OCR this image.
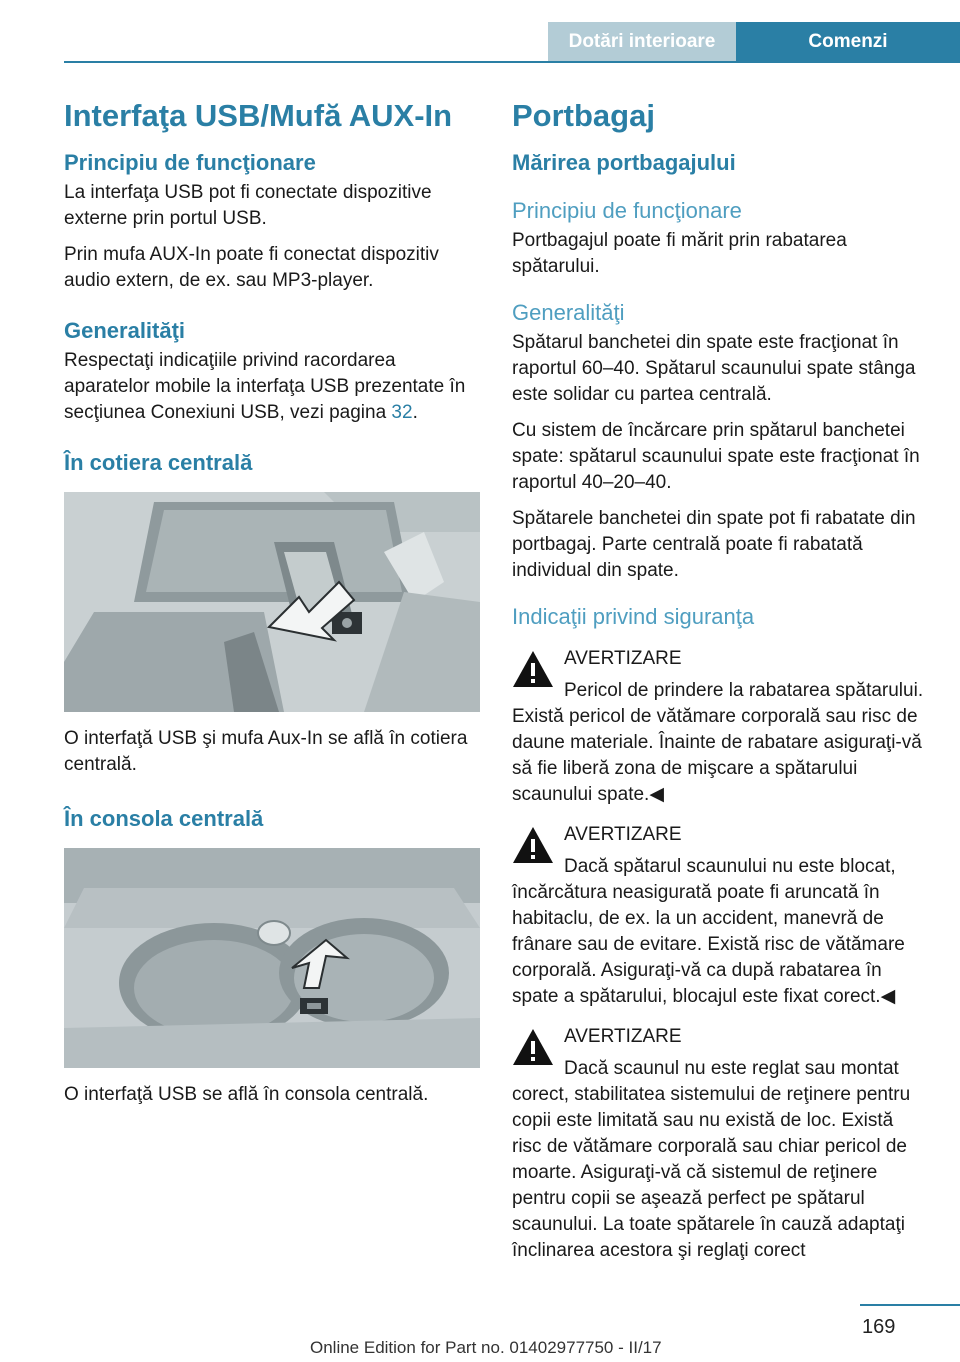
Dotări interioare	Comenzi
Interfaţa USB/Mufă AUX-In
Principiu de funcţionare

La interfaţa USB pot fi conectate dispozitive externe prin portul USB.

Prin mufa AUX-In poate fi conectat dispozitiv audio extern, de ex. sau MP3-player.

Generalităţi

Respectaţi indicaţiile privind racordarea aparatelor mobile la interfaţa USB prezentate în secţiunea Conexiuni USB, vezi pagina 32.

În cotiera centrală

O interfaţă USB şi mufa Aux-In se află în cotiera centrală.

În consola centrală

O interfaţă USB se află în consola centrală.

Portbagaj
Mărirea portbagajului
Principiu de funcţionare

Portbagajul poate fi mărit prin rabatarea spătarului.

Generalităţi

Spătarul banchetei din spate este fracţionat în raportul 60–40. Spătarul scaunului spate stânga este solidar cu partea centrală.

Cu sistem de încărcare prin spătarul banchetei spate: spătarul scaunului spate este fracţionat în raportul 40–20–40.

Spătarele banchetei din spate pot fi rabatate din portbagaj. Parte centrală poate fi rabatată individual din spate.

Indicaţii privind siguranţa
AVERTIZARE

Pericol de prindere la rabatarea spătarului. Există pericol de vătămare corporală sau risc de daune materiale. Înainte de rabatare asiguraţi-vă să fie liberă zona de mişcare a spătarului scaunului spate.◀

AVERTIZARE

Dacă spătarul scaunului nu este blocat, încărcătura neasigurată poate fi aruncată în habitaclu, de ex. la un accident, manevră de frânare sau de evitare. Există risc de vătămare corporală. Asiguraţi-vă ca după rabatarea în spate a spătarului, blocajul este fixat corect.◀

AVERTIZARE

Dacă scaunul nu este reglat sau montat corect, stabilitatea sistemului de reţinere pentru copii este limitată sau nu există de loc. Există risc de vătămare corporală sau chiar pericol de moarte. Asiguraţi-vă că sistemul de reţinere pentru copii se aşează perfect pe spătarul scaunului. La toate spătarele în cauză adaptaţi înclinarea acestora şi reglaţi corect

169
Online Edition for Part no. 01402977750 - II/17
